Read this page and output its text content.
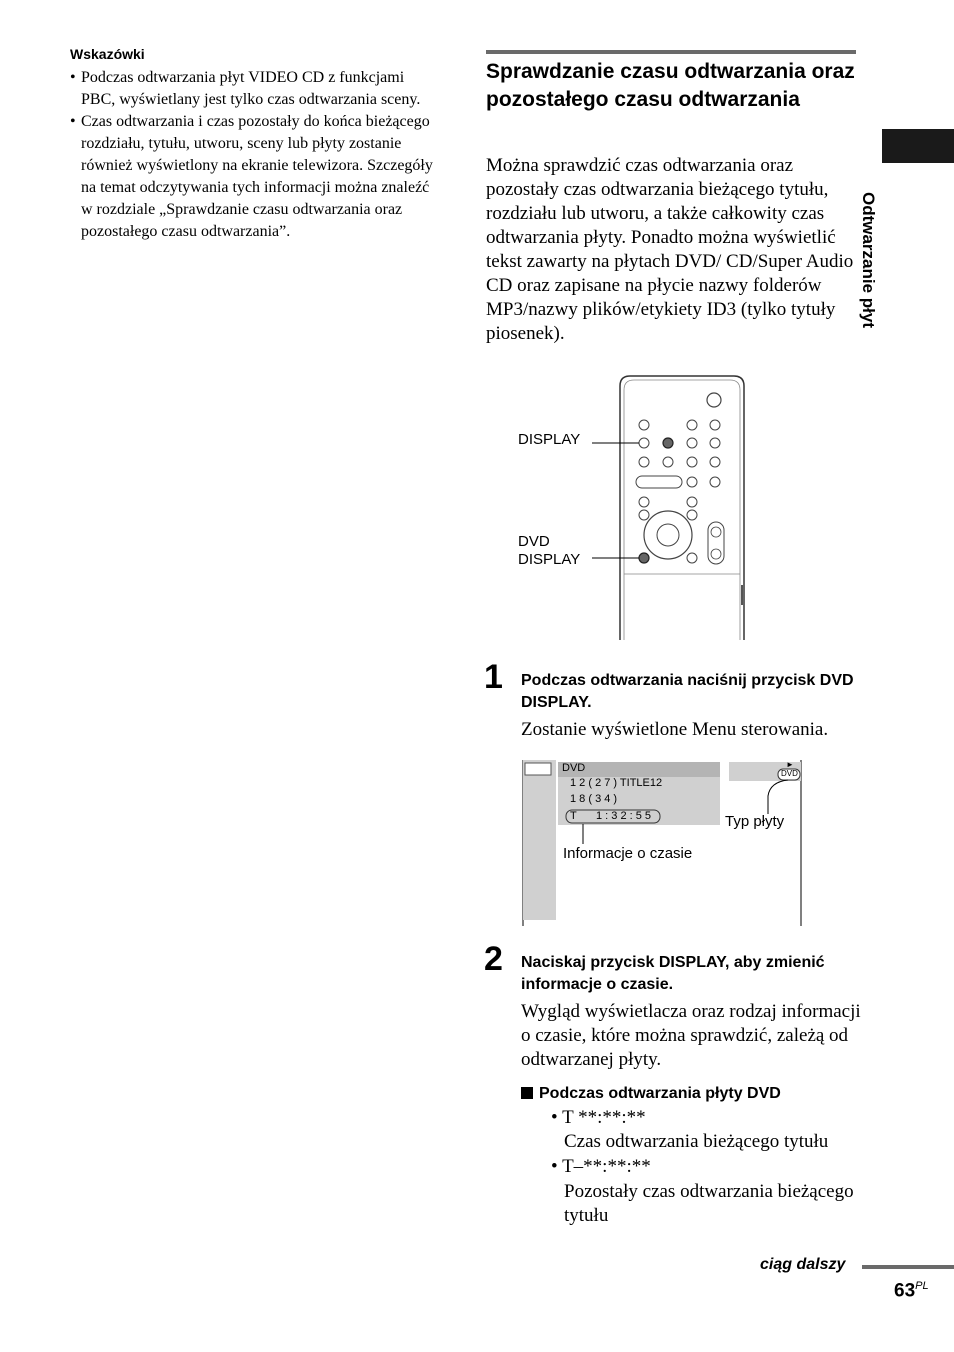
Wskazówki
• Podczas odtwarzania płyt VIDEO CD z funkcjami PBC, wyświetlany jest tylko czas odtwarzania sceny.
• Czas odtwarzania i czas pozostały do końca bieżącego rozdziału, tytułu, utworu, sceny lub płyty zostanie również wyświetlony na ekranie telewizora. Szczegóły na temat odczytywania tych informacji można znaleźć w rozdziale „Sprawdzanie czasu odtwarzania oraz pozostałego czasu odtwarzania”.
Sprawdzanie czasu odtwarzania oraz pozostałego czasu odtwarzania

Można sprawdzić czas odtwarzania oraz pozostały czas odtwarzania bieżącego tytułu, rozdziału lub utworu, a także całkowity czas odtwarzania płyty. Ponadto można wyświetlić tekst zawarty na płytach DVD/ CD/Super Audio CD oraz zapisane na płycie nazwy folderów MP3/nazwy plików/etykiety ID3 (tylko tytuły piosenek).

Odtwarzanie płyt
DISPLAY
DVD
DISPLAY
1 Podczas odtwarzania naciśnij przycisk DVD DISPLAY.

Zostanie wyświetlone Menu sterowania.

DVD
1 2 ( 2 7 ) TITLE12
1 8 ( 3 4 )
T 1 : 3 2 : 5 5
DVD
►
Typ płyty
Informacje o czasie
2 Naciskaj przycisk DISPLAY, aby zmienić informacje o czasie.

Wygląd wyświetlacza oraz rodzaj informacji o czasie, które można sprawdzić, zależą od odtwarzanej płyty.

Podczas odtwarzania płyty DVD
• T **:**:**
Czas odtwarzania bieżącego tytułu
• T–**:**:**
Pozostały czas odtwarzania bieżącego tytułu
ciąg dalszy
$63^{PL}$
